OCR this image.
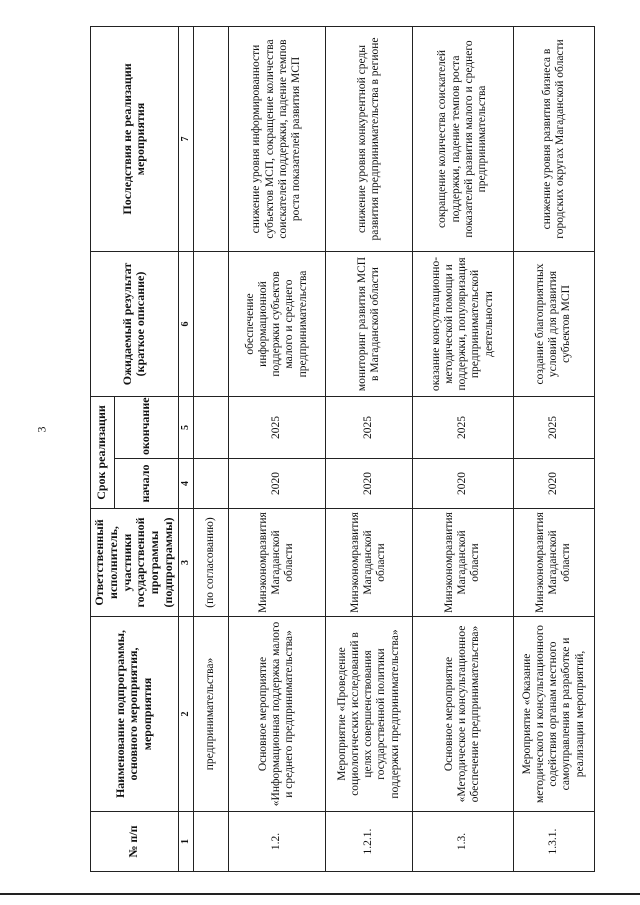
3
№ п/п	Наименование подпрограммы, основного мероприятия, мероприятия	Ответственный исполнитель, участники государственной программы (подпрограммы)	Срок реализации		Ожидаемый результат (краткое описание)	Последствия не реализации мероприятия
			начало	окончание		
1	2	3	4	5	6	7
	предпринимательства»	(по согласованию)				
1.2.	Основное мероприятие «Информационная поддержка малого и среднего предпринимательства»	Минэкономразвития Магаданской области	2020	2025	обеспечение информационной поддержки субъектов малого и среднего предпринимательства	снижение уровня информированности субъектов МСП, сокращение количества соискателей поддержки, падение темпов роста показателей развития МСП
1.2.1.	Мероприятие «Проведение социологических исследований в целях совершенствования государственной политики поддержки предпринимательства»	Минэкономразвития Магаданской области	2020	2025	мониторинг развития МСП в Магаданской области	снижение уровня конкурентной среды развития предпринимательства в регионе
1.3.	Основное мероприятие «Методическое и консультационное обеспечение предпринимательства»	Минэкономразвития Магаданской области	2020	2025	оказание консультационно-методической помощи и поддержки, популяризация предпринимательской деятельности	сокращение количества соискателей поддержки, падение темпов роста показателей развития малого и среднего предпринимательства
1.3.1.	Мероприятие «Оказание методического и консультационного содействия органам местного самоуправления в разработке и реализации мероприятий,	Минэкономразвития Магаданской области	2020	2025	создание благоприятных условий для развития субъектов МСП	снижение уровня развития бизнеса в городских округах Магаданской области
